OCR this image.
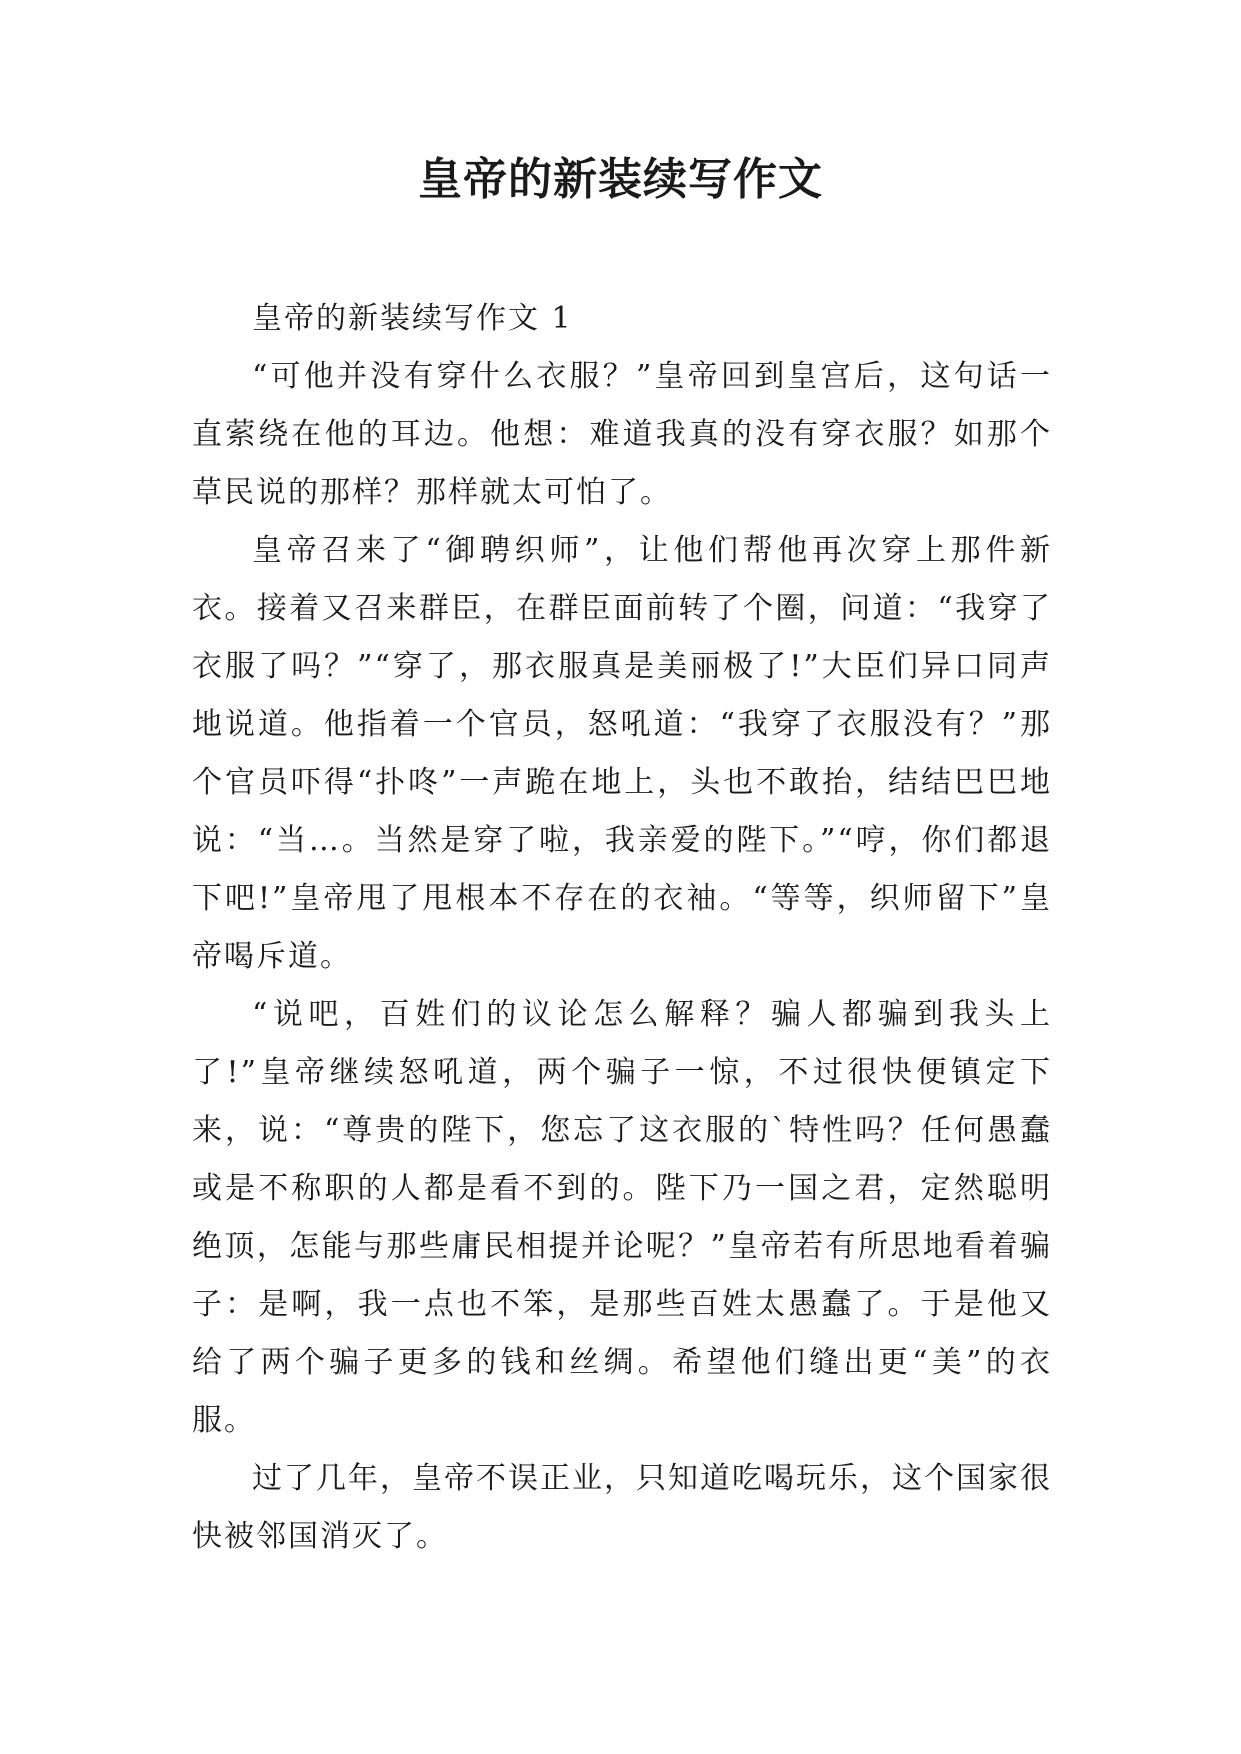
皇帝的新装续写作文

皇帝的新装续写作文 1

“可他并没有穿什么衣服？”皇帝回到皇宫后，这句话一直萦绕在他的耳边。他想：难道我真的没有穿衣服？如那个草民说的那样？那样就太可怕了。

皇帝召来了“御聘织师”，让他们帮他再次穿上那件新衣。接着又召来群臣，在群臣面前转了个圈，问道：“我穿了衣服了吗？”“穿了，那衣服真是美丽极了!”大臣们异口同声地说道。他指着一个官员，怒吼道：“我穿了衣服没有？”那个官员吓得“扑咚”一声跪在地上，头也不敢抬，结结巴巴地说：“当…。当然是穿了啦，我亲爱的陛下。”“哼，你们都退下吧!”皇帝甩了甩根本不存在的衣袖。“等等，织师留下”皇帝喝斥道。

“说吧，百姓们的议论怎么解释？骗人都骗到我头上了!”皇帝继续怒吼道，两个骗子一惊，不过很快便镇定下来，说：“尊贵的陛下，您忘了这衣服的`特性吗？任何愚蠢或是不称职的人都是看不到的。陛下乃一国之君，定然聪明绝顶，怎能与那些庸民相提并论呢？”皇帝若有所思地看着骗子：是啊，我一点也不笨，是那些百姓太愚蠢了。于是他又给了两个骗子更多的钱和丝绸。希望他们缝出更“美”的衣服。

过了几年，皇帝不误正业，只知道吃喝玩乐，这个国家很快被邻国消灭了。
